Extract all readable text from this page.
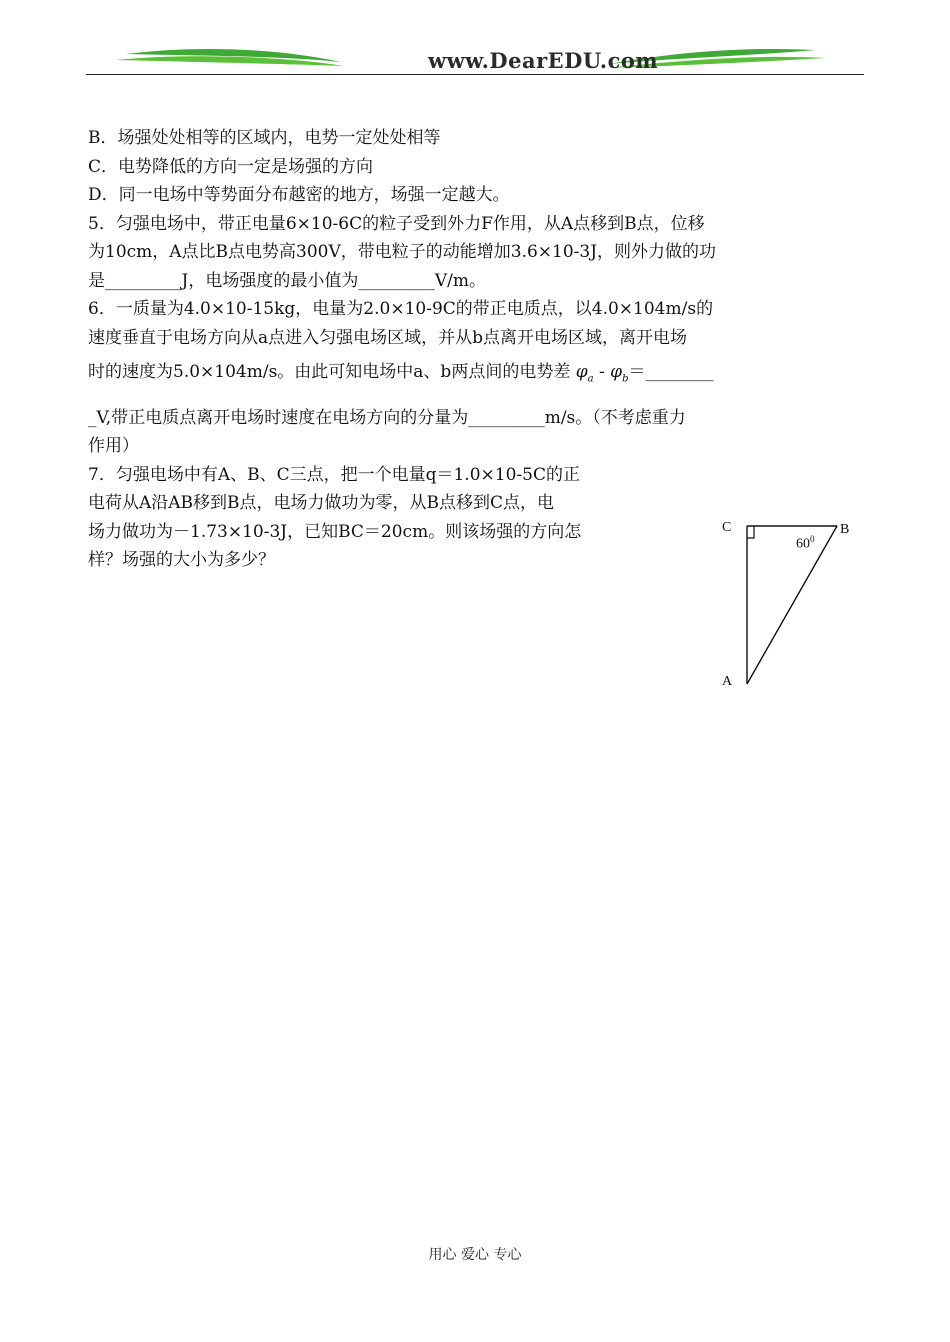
www.DearEDU.com

B．场强处处相等的区域内，电势一定处处相等

C．电势降低的方向一定是场强的方向

D．同一电场中等势面分布越密的地方，场强一定越大。

5．匀强电场中，带正电量6×10-6C的粒子受到外力F作用，从A点移到B点，位移

为10cm，A点比B点电势高300V，带电粒子的动能增加3.6×10-3J，则外力做的功

是_________J，电场强度的最小值为_________V/m。

6．一质量为4.0×10-15kg，电量为2.0×10-9C的带正电质点，以4.0×104m/s的

速度垂直于电场方向从a点进入匀强电场区域，并从b点离开电场区域，离开电场

时的速度为5.0×104m/s。由此可知电场中a、b两点间的电势差 $\varphi_a$ - $\varphi_b=\_\_\_\_\_\_\_\_$

_V,带正电质点离开电场时速度在电场方向的分量为_________m/s。（不考虑重力

作用）

7．匀强电场中有A、B、C三点，把一个电量q＝1.0×10-5C的正

电荷从A沿AB移到B点，电场力做功为零，从B点移到C点，电

场力做功为－1.73×10-3J，已知BC＝20cm。则该场强的方向怎

样？场强的大小为多少？

C	B
A
$60^0$
用心 爱心 专心
